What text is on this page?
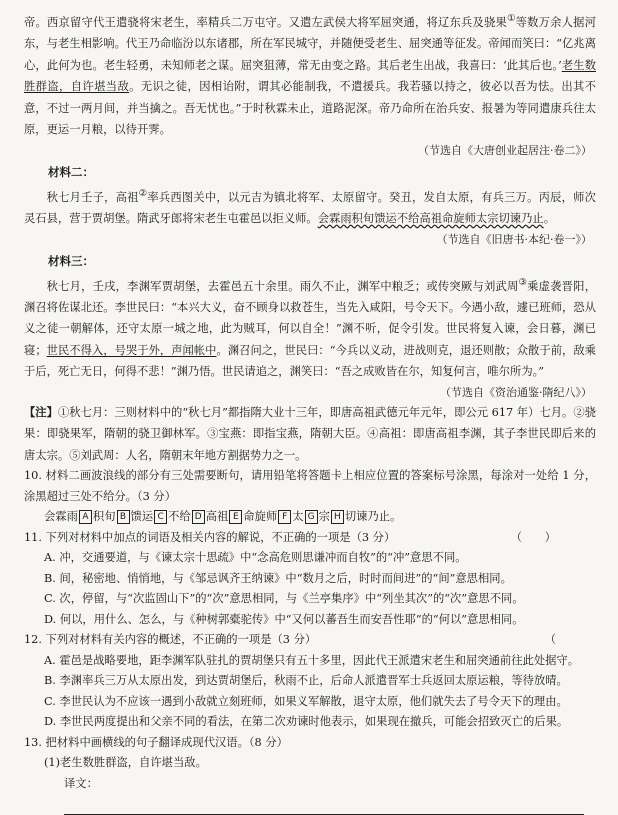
帝。西京留守代王遣骁将宋老生，率精兵二万屯守。又遣左武侯大将军屈突通，将辽东兵及骁果①等数万余人据河东，与老生相影响。代王乃命临汾以东诸郡，所在军民城守，并随便受老生、屈突通等征发。帝闻而笑曰：“亿兆离心，此何为也。老生轻勇，未知师老之谋。屈突狙薄，常无由变之路。其后老生出战，我喜曰：‘此其后也。’老生数胜群盗，自许堪当敌。无识之徒，因相诒附，谓其必能制我，不遣援兵。我若骚以持之，彼必以吾为怯。出其不意，不过一两月间，并当擒之。吾无忧也。”于时秋霖未止，道路泥深。帝乃命所在治兵安、报暑为等同遣康兵往太原，更运一月粮，以待开霁。

（节选自《大唐创业起居注·卷二》）

材料二：

秋七月壬子，高祖②率兵西图关中，以元吉为镇北将军、太原留守。癸丑，发自太原，有兵三万。丙辰，师次灵石县，营于贾胡堡。隋武牙郎将宋老生屯霍邑以拒义师。会霖雨积旬馈运不给高祖命旋师太宗切谏乃止。

（节选自《旧唐书·本纪·卷一》）

材料三：

秋七月，壬戌，李渊军贾胡堡，去霍邑五十余里。雨久不止，渊军中粮乏；或传突厥与刘武周③乘虚袭晋阳，渊召将佐谋北还。李世民曰：“本兴大义，奋不顾身以救苍生，当先入咸阳，号令天下。今遇小敌，遽已班师，恐从义之徒一朝解体，还守太原一城之地，此为贼耳，何以自全！”渊不听，促令引发。世民将复入谏，会日暮，渊已寝；世民不得入，号哭于外，声闻帐中。渊召问之，世民曰：“今兵以义动，进战则克，退还则散；众散于前，敌乘于后，死亡无日，何得不悲！”渊乃悟。世民请追之，渊笑曰：“吾之成败皆在尔，知复何言，唯尔所为。”

（节选自《资治通鉴·隋纪八》）

【注】①秋七月：三则材料中的“秋七月”都指隋大业十三年，即唐高祖武德元年元年，即公元 617 年）七月。②骁果：即骁果军，隋朝的骁卫御林军。③宝燕：即指宝燕，隋朝大臣。④高祖：即唐高祖李渊，其子李世民即后来的唐太宗。⑤刘武周：人名，隋朝末年地方割据势力之一。

10. 材料二画波浪线的部分有三处需要断句，请用铅笔将答题卡上相应位置的答案标号涂黑，每涂对一处给 1 分，涂黑超过三处不给分。（3 分）

会霖雨 A 积旬 B 馈运 C 不给 D 高祖 E 命旋师 F 太 G 宗 H 切谏乃止。

11. 下列对材料中加点的词语及相关内容的解说，不正确的一项是（3 分）	（　　）
A. 冲，交通要道，与《谏太宗十思疏》中“念高危则思谦冲而自牧”的“冲”意思不同。
B. 间，秘密地、悄悄地，与《邹忌讽齐王纳谏》中“数月之后，时时而间进”的“间”意思相同。
C. 次，停留，与“次监固山下”的“次”意思相同，与《兰亭集序》中“列坐其次”的“次”意思不同。
D. 何以，用什么、怎么，与《种树郭橐驼传》中“又何以蕃吾生而安吾性耶”的“何以”意思相同。
12. 下列对材料有关内容的概述，不正确的一项是（3 分）	（
A. 霍邑是战略要地，距李渊军队驻扎的贾胡堡只有五十多里，因此代王派遣宋老生和屈突通前往此处据守。
B. 李渊率兵三万从太原出发，到达贾胡堡后，秋雨不止，后命人派遣晋军士兵返回太原运粮，等待放晴。
C. 李世民认为不应该一遇到小敌就立刻班师，如果义军解散，退守太原，他们就失去了号令天下的理由。
D. 李世民两度提出和父亲不同的看法，在第二次劝谏时他表示，如果现在撤兵，可能会招致灭亡的后果。
13. 把材料中画横线的句子翻译成现代汉语。（8 分）
(1)老生数胜群盗，自许堪当敌。
译文：
